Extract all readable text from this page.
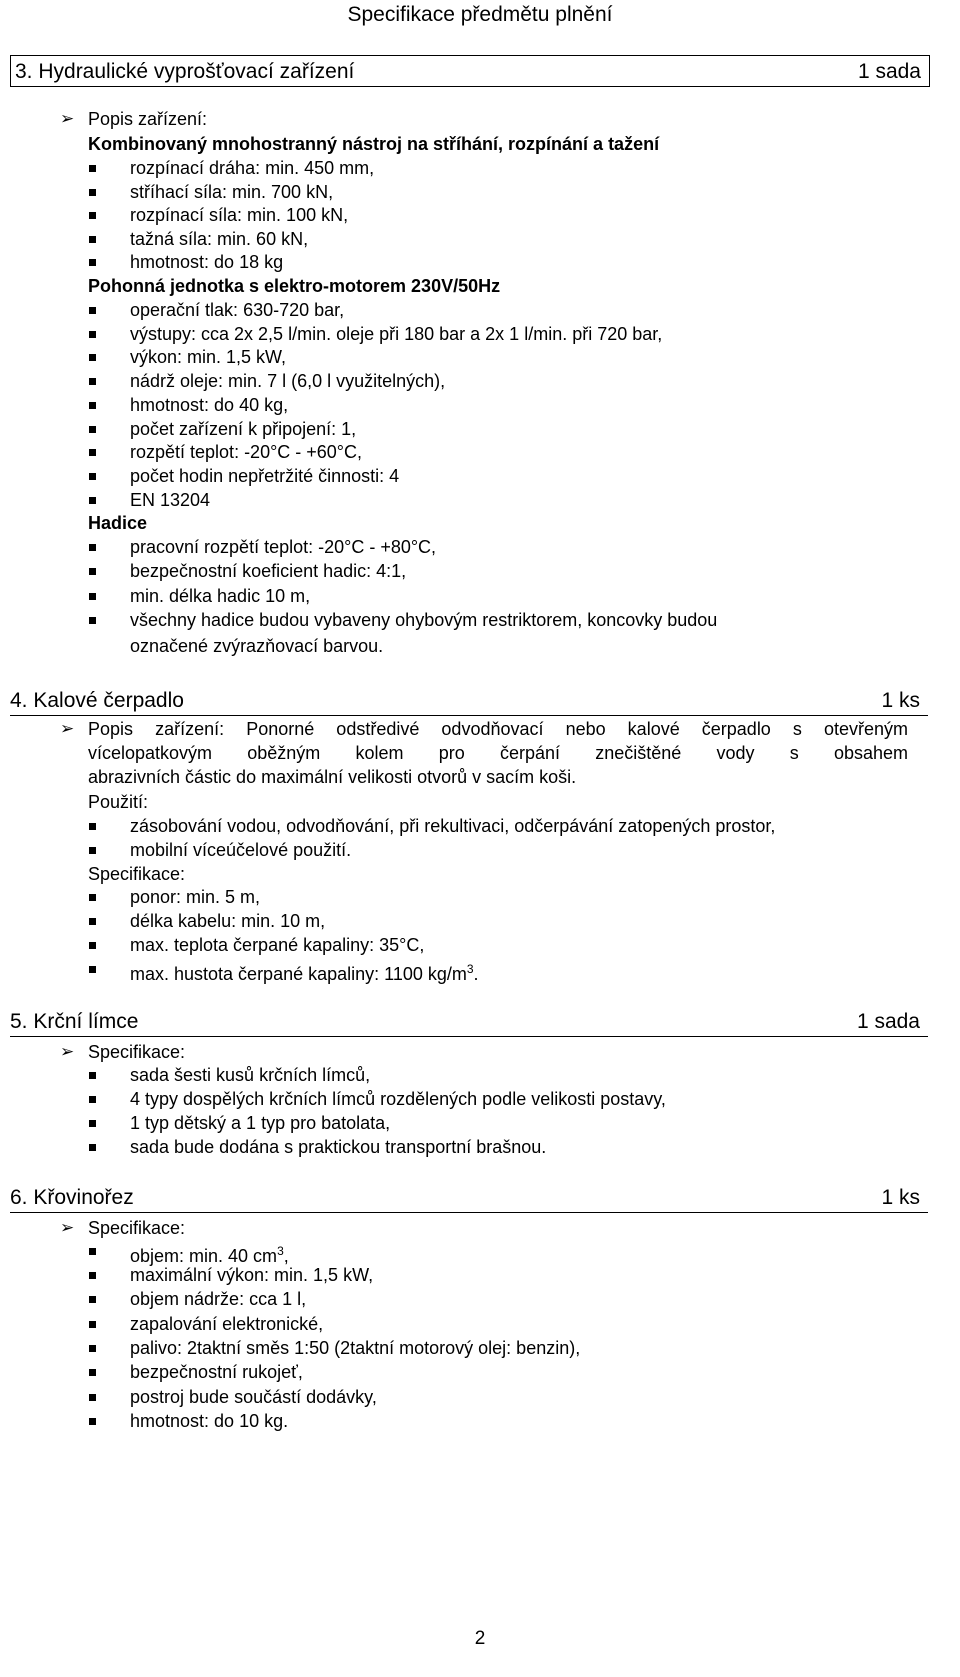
Specifikace předmětu plnění
3. Hydraulické vyprošťovací zařízení	1 sada
➢ Popis zařízení:
Kombinovaný mnohostranný nástroj na stříhání, rozpínání a tažení
rozpínací dráha: min. 450 mm,
stříhací síla: min. 700 kN,
rozpínací síla: min. 100 kN,
tažná síla: min. 60 kN,
hmotnost: do 18 kg
Pohonná jednotka s elektro-motorem 230V/50Hz
operační tlak: 630-720 bar,
výstupy: cca 2x 2,5 l/min. oleje při 180 bar a 2x 1 l/min. při 720 bar,
výkon: min. 1,5 kW,
nádrž oleje: min. 7 l (6,0 l využitelných),
hmotnost: do 40 kg,
počet zařízení k připojení: 1,
rozpětí teplot: -20°C - +60°C,
počet hodin nepřetržité činnosti: 4
EN 13204
Hadice
pracovní rozpětí teplot: -20°C - +80°C,
bezpečnostní koeficient hadic: 4:1,
min. délka hadic 10 m,
všechny hadice budou vybaveny ohybovým restriktorem, koncovky budou
označené zvýrazňovací barvou.
4. Kalové čerpadlo	1 ks
➢ Popis zařízení: Ponorné odstředivé odvodňovací nebo kalové čerpadlo s otevřeným
vícelopatkovým oběžným kolem pro čerpání znečištěné vody s obsahem
abrazivních částic do maximální velikosti otvorů v sacím koši.
Použití:
zásobování vodou, odvodňování, při rekultivaci, odčerpávání zatopených prostor,
mobilní víceúčelové použití.
Specifikace:
ponor: min. 5 m,
délka kabelu: min. 10 m,
max. teplota čerpané kapaliny: 35°C,
max. hustota čerpané kapaliny: 1100 $kg/m^3$.
5. Krční límce	1 sada
➢ Specifikace:
sada šesti kusů krčních límců,
4 typy dospělých krčních límců rozdělených podle velikosti postavy,
1 typ dětský a 1 typ pro batolata,
sada bude dodána s praktickou transportní brašnou.
6. Křovinořez	1 ks
➢ Specifikace:
objem: min. 40 $cm^3$,
maximální výkon: min. 1,5 kW,
objem nádrže: cca 1 l,
zapalování elektronické,
palivo: 2taktní směs 1:50 (2taktní motorový olej: benzin),
bezpečnostní rukojeť,
postroj bude součástí dodávky,
hmotnost: do 10 kg.
2
